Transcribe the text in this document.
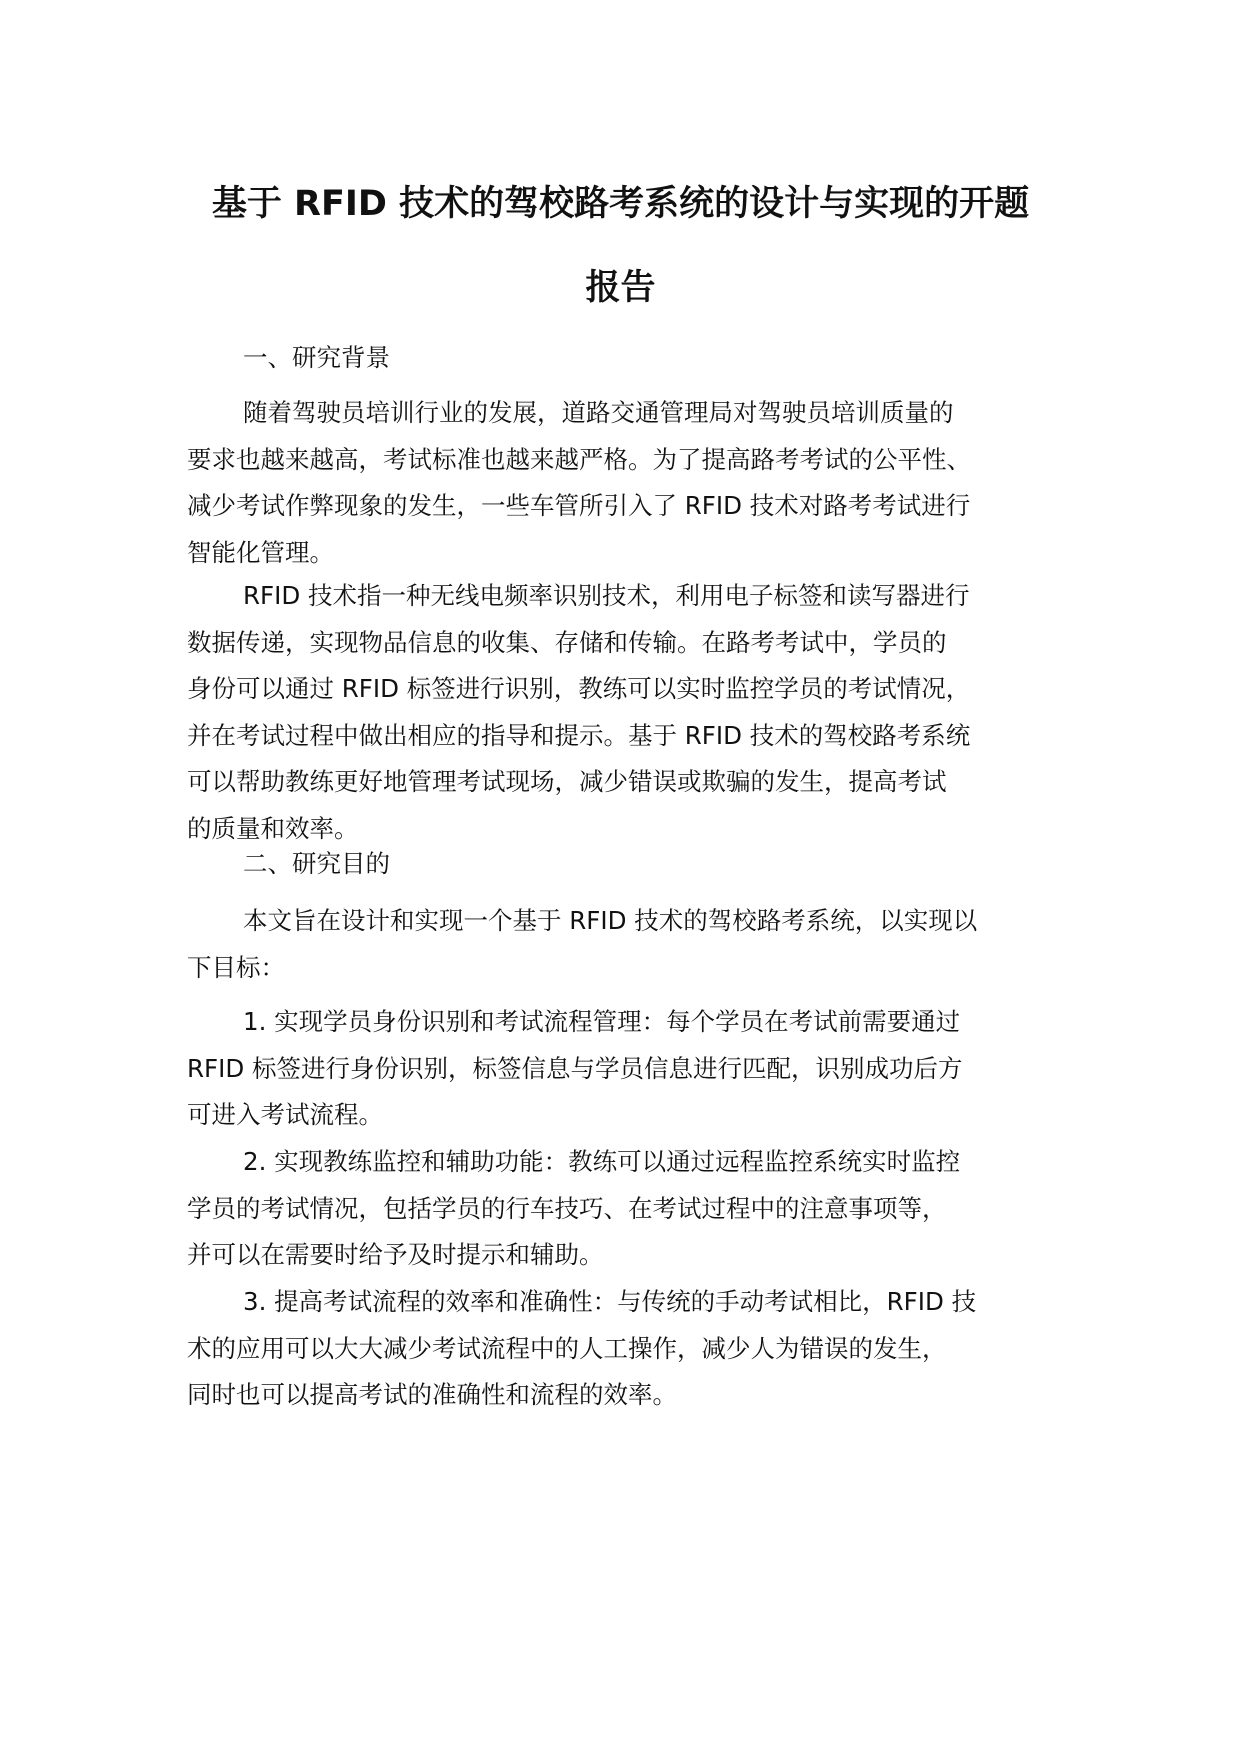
基于 RFID 技术的驾校路考系统的设计与实现的开题
报告
一、研究背景
随着驾驶员培训行业的发展，道路交通管理局对驾驶员培训质量的
要求也越来越高，考试标准也越来越严格。为了提高路考考试的公平性、
减少考试作弊现象的发生，一些车管所引入了 RFID 技术对路考考试进行
智能化管理。
RFID 技术指一种无线电频率识别技术，利用电子标签和读写器进行
数据传递，实现物品信息的收集、存储和传输。在路考考试中，学员的
身份可以通过 RFID 标签进行识别，教练可以实时监控学员的考试情况，
并在考试过程中做出相应的指导和提示。基于 RFID 技术的驾校路考系统
可以帮助教练更好地管理考试现场，减少错误或欺骗的发生，提高考试
的质量和效率。
二、研究目的
本文旨在设计和实现一个基于 RFID 技术的驾校路考系统，以实现以
下目标：
1. 实现学员身份识别和考试流程管理：每个学员在考试前需要通过
RFID 标签进行身份识别，标签信息与学员信息进行匹配，识别成功后方
可进入考试流程。
2. 实现教练监控和辅助功能：教练可以通过远程监控系统实时监控
学员的考试情况，包括学员的行车技巧、在考试过程中的注意事项等，
并可以在需要时给予及时提示和辅助。
3. 提高考试流程的效率和准确性：与传统的手动考试相比，RFID 技
术的应用可以大大减少考试流程中的人工操作，减少人为错误的发生，
同时也可以提高考试的准确性和流程的效率。
